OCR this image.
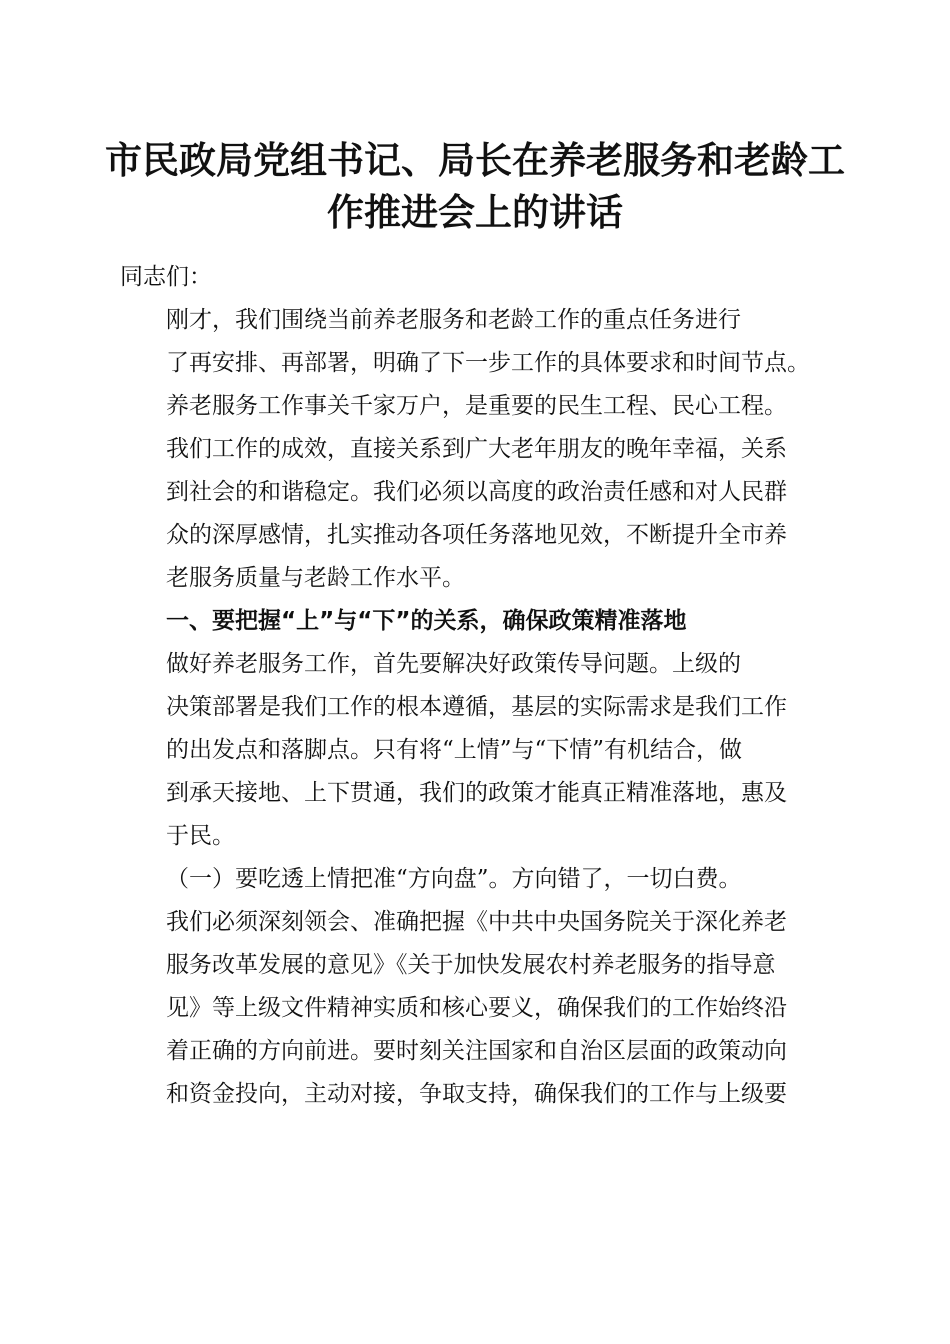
市民政局党组书记、局长在养老服务和老龄工
作推进会上的讲话

同志们：

刚才，我们围绕当前养老服务和老龄工作的重点任务进行
了再安排、再部署，明确了下一步工作的具体要求和时间节点。
养老服务工作事关千家万户，是重要的民生工程、民心工程。
我们工作的成效，直接关系到广大老年朋友的晚年幸福，关系
到社会的和谐稳定。我们必须以高度的政治责任感和对人民群
众的深厚感情，扎实推动各项任务落地见效，不断提升全市养
老服务质量与老龄工作水平。

一、要把握“上”与“下”的关系，确保政策精准落地

做好养老服务工作，首先要解决好政策传导问题。上级的
决策部署是我们工作的根本遵循，基层的实际需求是我们工作
的出发点和落脚点。只有将“上情”与“下情”有机结合，做
到承天接地、上下贯通，我们的政策才能真正精准落地，惠及
于民。

（一）要吃透上情把准“方向盘”。方向错了，一切白费。
我们必须深刻领会、准确把握《中共中央国务院关于深化养老
服务改革发展的意见》《关于加快发展农村养老服务的指导意
见》等上级文件精神实质和核心要义，确保我们的工作始终沿
着正确的方向前进。要时刻关注国家和自治区层面的政策动向
和资金投向，主动对接，争取支持，确保我们的工作与上级要
